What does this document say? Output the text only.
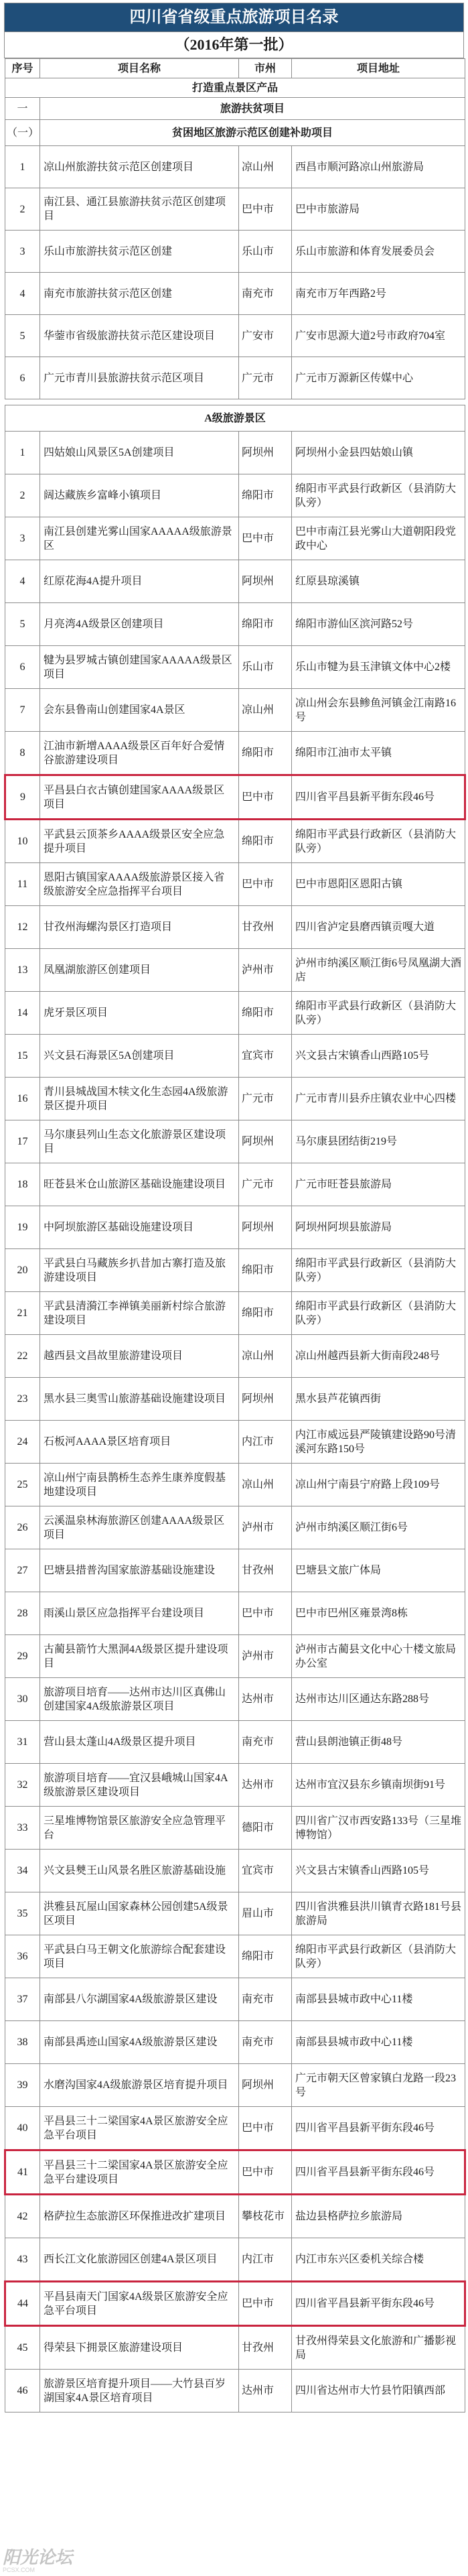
四川省省级重点旅游项目名录
（2016年第一批）
序号	项目名称	市州	项目地址
打造重点景区产品			
一	旅游扶贫项目		
（一）	贫困地区旅游示范区创建补助项目		
1	凉山州旅游扶贫示范区创建项目	凉山州	西昌市顺河路凉山州旅游局
2	南江县、通江县旅游扶贫示范区创建项目	巴中市	巴中市旅游局
3	乐山市旅游扶贫示范区创建	乐山市	乐山市旅游和体育发展委员会
4	南充市旅游扶贫示范区创建	南充市	南充市万年西路2号
5	华蓥市省级旅游扶贫示范区建设项目	广安市	广安市思源大道2号市政府704室
6	广元市青川县旅游扶贫示范区项目	广元市	广元市万源新区传媒中心

A级旅游景区			
1	四姑娘山风景区5A创建项目	阿坝州	阿坝州小金县四姑娘山镇
2	阔达藏族乡富峰小镇项目	绵阳市	绵阳市平武县行政新区（县消防大队旁）
3	南江县创建光雾山国家AAAAA级旅游景区	巴中市	巴中市南江县光雾山大道朝阳段党政中心
4	红原花海4A提升项目	阿坝州	红原县琼溪镇
5	月亮湾4A级景区创建项目	绵阳市	绵阳市游仙区滨河路52号
6	犍为县罗城古镇创建国家AAAAA级景区项目	乐山市	乐山市犍为县玉津镇文体中心2楼
7	会东县鲁南山创建国家4A景区	凉山州	凉山州会东县鲹鱼河镇金江南路16号
8	江油市新增AAAA级景区百年好合爱情谷旅游建设项目	绵阳市	绵阳市江油市太平镇
9	平昌县白衣古镇创建国家AAAA级景区项目	巴中市	四川省平昌县新平街东段46号
10	平武县云顶茶乡AAAA级景区安全应急提升项目	绵阳市	绵阳市平武县行政新区（县消防大队旁）
11	恩阳古镇国家AAAA级旅游景区接入省级旅游安全应急指挥平台项目	巴中市	巴中市恩阳区恩阳古镇
12	甘孜州海螺沟景区打造项目	甘孜州	四川省泸定县磨西镇贡嘎大道
13	凤凰湖旅游区创建项目	泸州市	泸州市纳溪区顺江街6号凤凰湖大酒店
14	虎牙景区项目	绵阳市	绵阳市平武县行政新区（县消防大队旁）
15	兴文县石海景区5A创建项目	宜宾市	兴文县古宋镇香山西路105号
16	青川县城战国木犊文化生态园4A级旅游景区提升项目	广元市	广元市青川县乔庄镇农业中心四楼
17	马尔康县列山生态文化旅游景区建设项目	阿坝州	马尔康县团结街219号
18	旺苍县米仓山旅游区基础设施建设项目	广元市	广元市旺苍县旅游局
19	中阿坝旅游区基础设施建设项目	阿坝州	阿坝州阿坝县旅游局
20	平武县白马藏族乡扒昔加古寨打造及旅游建设项目	绵阳市	绵阳市平武县行政新区（县消防大队旁）
21	平武县清漪江李禅镇美丽新村综合旅游建设项目	绵阳市	绵阳市平武县行政新区（县消防大队旁）
22	越西县文昌故里旅游建设项目	凉山州	凉山州越西县新大街南段248号
23	黑水县三奥雪山旅游基础设施建设项目	阿坝州	黑水县芦花镇西街
24	石板河AAAA景区培育项目	内江市	内江市威远县严陵镇建设路90号清溪河东路150号
25	凉山州宁南县鹊桥生态养生康养度假基地建设项目	凉山州	凉山州宁南县宁府路上段109号
26	云溪温泉林海旅游区创建AAAA级景区项目	泸州市	泸州市纳溪区顺江街6号
27	巴塘县措普沟国家旅游基础设施建设	甘孜州	巴塘县文旅广体局
28	雨溪山景区应急指挥平台建设项目	巴中市	巴中市巴州区雍景湾8栋
29	古蔺县箭竹大黑洞4A级景区提升建设项目	泸州市	泸州市古蔺县文化中心十楼文旅局办公室
30	旅游项目培育——达州市达川区真佛山创建国家4A级旅游景区项目	达州市	达州市达川区通达东路288号
31	营山县太蓬山4A级景区提升项目	南充市	营山县朗池镇正街48号
32	旅游项目培育——宜汉县峨城山国家4A级旅游景区建设项目	达州市	达州市宜汉县东乡镇南坝街91号
33	三星堆博物馆景区旅游安全应急管理平台	德阳市	四川省广汉市西安路133号（三星堆博物馆）
34	兴文县僰王山风景名胜区旅游基础设施	宜宾市	兴文县古宋镇香山西路105号
35	洪雅县瓦屋山国家森林公园创建5A级景区项目	眉山市	四川省洪雅县洪川镇青衣路181号县旅游局
36	平武县白马王朝文化旅游综合配套建设项目	绵阳市	绵阳市平武县行政新区（县消防大队旁）
37	南部县八尔湖国家4A级旅游景区建设	南充市	南部县县城市政中心11楼
38	南部县禹迹山国家4A级旅游景区建设	南充市	南部县县城市政中心11楼
39	水磨沟国家4A级旅游景区培育提升项目	阿坝州	广元市朝天区曾家镇白龙路一段23号
40	平昌县三十二梁国家4A景区旅游安全应急平台项目	巴中市	四川省平昌县新平街东段46号
41	平昌县三十二梁国家4A景区旅游安全应急平台建设项目	巴中市	四川省平昌县新平街东段46号
42	格萨拉生态旅游区环保推进改扩建项目	攀枝花市	盐边县格萨拉乡旅游局
43	西长江文化旅游园区创建4A景区项目	内江市	内江市东兴区委机关综合楼
44	平昌县南天门国家4A级景区旅游安全应急平台项目	巴中市	四川省平昌县新平街东段46号
45	得荣县下拥景区旅游建设项目	甘孜州	甘孜州得荣县文化旅游和广播影视局
46	旅游景区培育提升项目——大竹县百岁湖国家4A景区培育项目	达州市	四川省达州市大竹县竹阳镇西部
阳光论坛
PCSX.COM
